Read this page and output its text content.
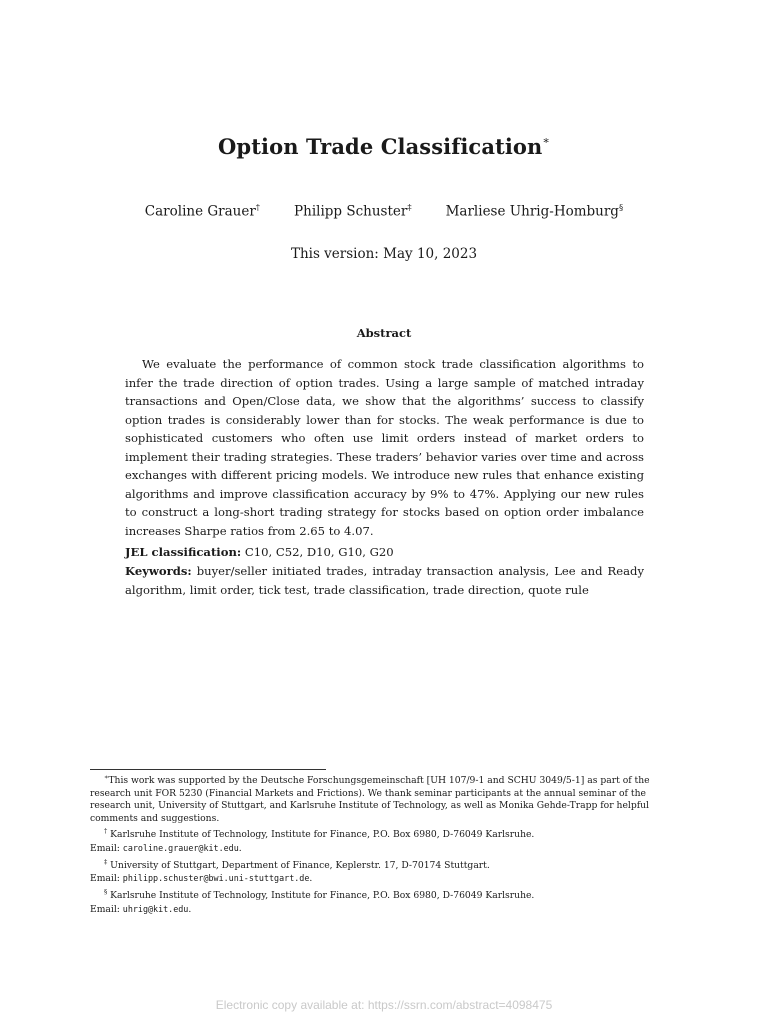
Option Trade Classification∗
Caroline Grauer†	Philipp Schuster‡	Marliese Uhrig-Homburg§
This version: May 10, 2023
Abstract
We evaluate the performance of common stock trade classification algorithms to infer the trade direction of option trades. Using a large sample of matched intraday transactions and Open/Close data, we show that the algorithms’ success to classify option trades is considerably lower than for stocks. The weak performance is due to sophisticated customers who often use limit orders instead of market orders to implement their trading strategies. These traders’ behavior varies over time and across exchanges with different pricing models. We introduce new rules that enhance existing algorithms and improve classification accuracy by 9% to 47%. Applying our new rules to construct a long-short trading strategy for stocks based on option order imbalance increases Sharpe ratios from 2.65 to 4.07.
JEL classification: C10, C52, D10, G10, G20
Keywords: buyer/seller initiated trades, intraday transaction analysis, Lee and Ready algorithm, limit order, tick test, trade classification, trade direction, quote rule

∗This work was supported by the Deutsche Forschungsgemeinschaft [UH 107/9-1 and SCHU 3049/5-1] as part of the research unit FOR 5230 (Financial Markets and Frictions). We thank seminar participants at the annual seminar of the research unit, University of Stuttgart, and Karlsruhe Institute of Technology, as well as Monika Gehde-Trapp for helpful comments and suggestions.

† Karlsruhe Institute of Technology, Institute for Finance, P.O. Box 6980, D-76049 Karlsruhe.

Email: caroline.grauer@kit.edu.

‡ University of Stuttgart, Department of Finance, Keplerstr. 17, D-70174 Stuttgart.

Email: philipp.schuster@bwi.uni-stuttgart.de.

§ Karlsruhe Institute of Technology, Institute for Finance, P.O. Box 6980, D-76049 Karlsruhe.

Email: uhrig@kit.edu.

Electronic copy available at: https://ssrn.com/abstract=4098475
